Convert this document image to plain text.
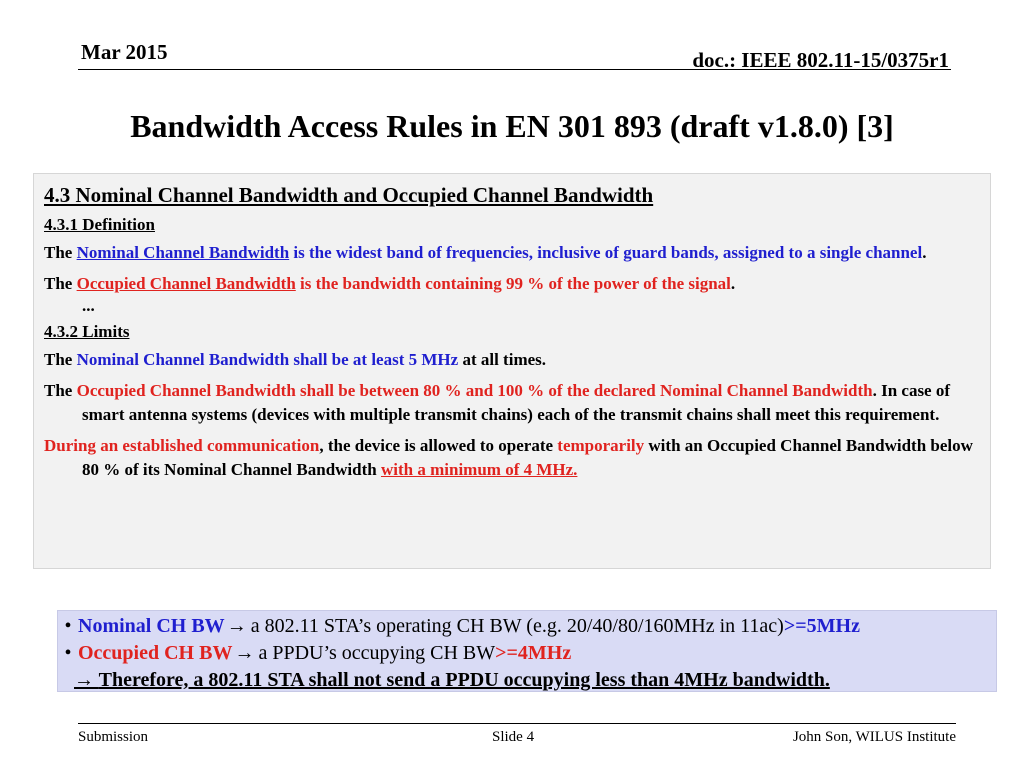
Mar 2015	doc.: IEEE 802.11-15/0375r1
Bandwidth Access Rules in EN 301 893 (draft v1.8.0) [3]
4.3 Nominal Channel Bandwidth and Occupied Channel Bandwidth
4.3.1 Definition
The Nominal Channel Bandwidth is the widest band of frequencies, inclusive of guard bands, assigned to a single channel.
The Occupied Channel Bandwidth is the bandwidth containing 99 % of the power of the signal.
...
4.3.2 Limits
The Nominal Channel Bandwidth shall be at least 5 MHz at all times.
The Occupied Channel Bandwidth shall be between 80 % and 100 % of the declared Nominal Channel Bandwidth. In case of smart antenna systems (devices with multiple transmit chains) each of the transmit chains shall meet this requirement.
During an established communication, the device is allowed to operate temporarily with an Occupied Channel Bandwidth below 80 % of its Nominal Channel Bandwidth with a minimum of 4 MHz.
• Nominal CH BW → a 802.11 STA’s operating CH BW (e.g. 20/40/80/160MHz in 11ac) >=5MHz
• Occupied CH BW → a PPDU’s occupying CH BW >=4MHz
→ Therefore, a 802.11 STA shall not send a PPDU occupying less than 4MHz bandwidth.
Submission	Slide 4	John Son, WILUS Institute
